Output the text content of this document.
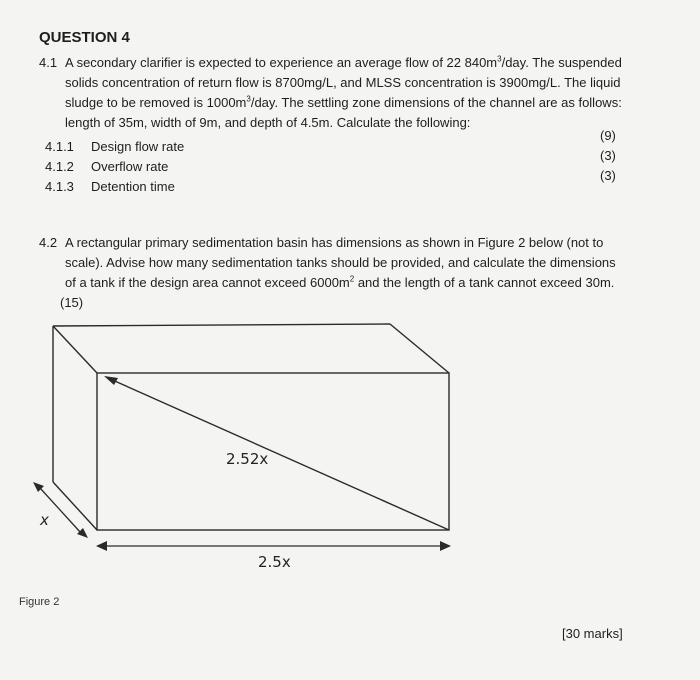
QUESTION 4
4.1 A secondary clarifier is expected to experience an average flow of 22 $840m^3$/day. The suspended
solids concentration of return flow is 8700mg/L, and MLSS concentration is 3900mg/L. The liquid
sludge to be removed is $1000m^3$/day. The settling zone dimensions of the channel are as follows:
length of 35m, width of 9m, and depth of 4.5m. Calculate the following:
4.1.1 Design flow rate
(9)
4.1.2 Overflow rate
(3)
4.1.3 Detention time
(3)
4.2 A rectangular primary sedimentation basin has dimensions as shown in Figure 2 below (not to
scale). Advise how many sedimentation tanks should be provided, and calculate the dimensions
of a tank if the design area cannot exceed $6000m^2$ and the length of a tank cannot exceed 30m.
(15)
2.52x
2.5x
x
Figure 2
[30 marks]
